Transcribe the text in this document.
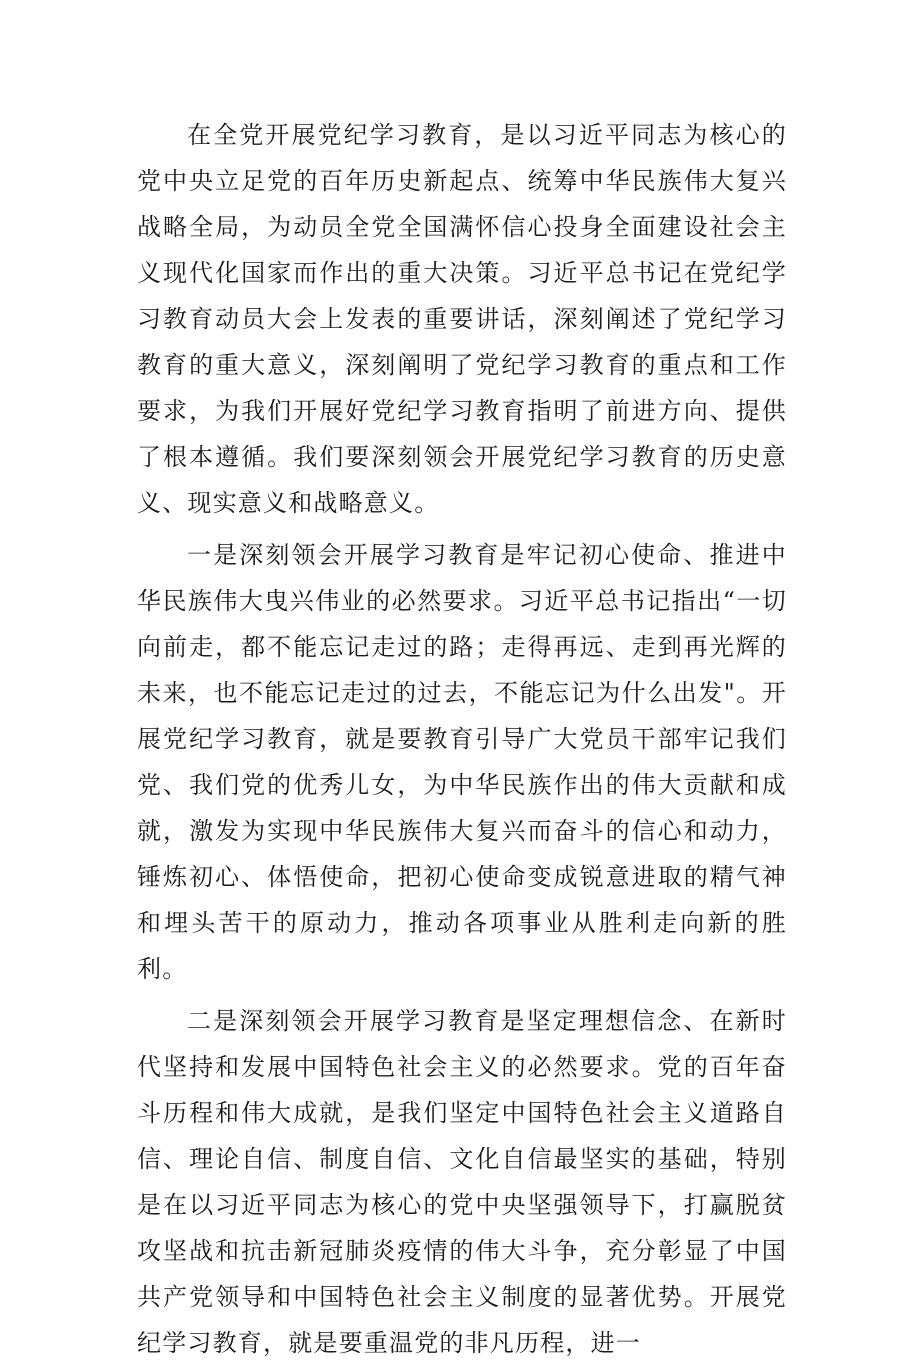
在全党开展党纪学习教育，是以习近平同志为核心的党中央立足党的百年历史新起点、统筹中华民族伟大复兴战略全局，为动员全党全国满怀信心投身全面建设社会主义现代化国家而作出的重大决策。习近平总书记在党纪学习教育动员大会上发表的重要讲话，深刻阐述了党纪学习教育的重大意义，深刻阐明了党纪学习教育的重点和工作要求，为我们开展好党纪学习教育指明了前进方向、提供了根本遵循。我们要深刻领会开展党纪学习教育的历史意义、现实意义和战略意义。

一是深刻领会开展学习教育是牢记初心使命、推进中华民族伟大曳兴伟业的必然要求。习近平总书记指出“一切向前走，都不能忘记走过的路；走得再远、走到再光辉的未来，也不能忘记走过的过去，不能忘记为什么出发"。开展党纪学习教育，就是要教育引导广大党员干部牢记我们党、我们党的优秀儿女，为中华民族作出的伟大贡献和成就，激发为实现中华民族伟大复兴而奋斗的信心和动力，锤炼初心、体悟使命，把初心使命变成锐意进取的精气神和埋头苦干的原动力，推动各项事业从胜利走向新的胜利。

二是深刻领会开展学习教育是坚定理想信念、在新时代坚持和发展中国特色社会主义的必然要求。党的百年奋斗历程和伟大成就，是我们坚定中国特色社会主义道路自信、理论自信、制度自信、文化自信最坚实的基础，特别是在以习近平同志为核心的党中央坚强领导下，打赢脱贫攻坚战和抗击新冠肺炎疫情的伟大斗争，充分彰显了中国共产党领导和中国特色社会主义制度的显著优势。开展党纪学习教育，就是要重温党的非凡历程，进一
